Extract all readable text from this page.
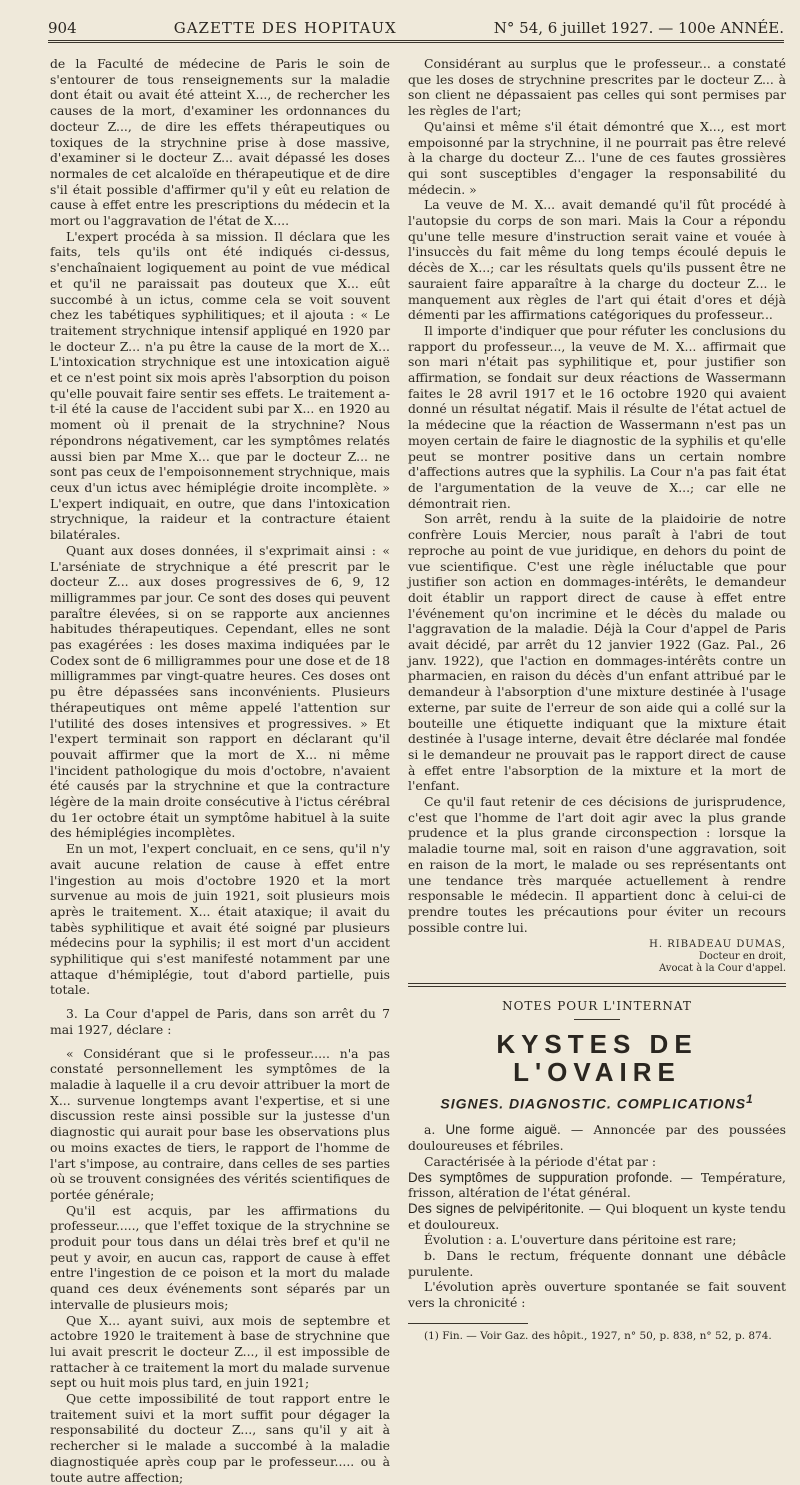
904	GAZETTE DES HOPITAUX	N° 54, 6 juillet 1927. — 100e ANNÉE.

de la Faculté de médecine de Paris le soin de s'entourer de tous renseignements sur la maladie dont était ou avait été atteint X..., de rechercher les causes de la mort, d'examiner les ordonnances du docteur Z..., de dire les effets thérapeutiques ou toxiques de la strychnine prise à dose massive, d'examiner si le docteur Z... avait dépassé les doses normales de cet alcaloïde en thérapeutique et de dire s'il était possible d'affirmer qu'il y eût eu relation de cause à effet entre les prescriptions du médecin et la mort ou l'aggravation de l'état de X....

L'expert procéda à sa mission. Il déclara que les faits, tels qu'ils ont été indiqués ci-dessus, s'enchaînaient logiquement au point de vue médical et qu'il ne paraissait pas douteux que X... eût succombé à un ictus, comme cela se voit souvent chez les tabétiques syphilitiques; et il ajouta : « Le traitement strychnique intensif appliqué en 1920 par le docteur Z... n'a pu être la cause de la mort de X... L'intoxication strychnique est une intoxication aiguë et ce n'est point six mois après l'absorption du poison qu'elle pouvait faire sentir ses effets. Le traitement a-t-il été la cause de l'accident subi par X... en 1920 au moment où il prenait de la strychnine? Nous répondrons négativement, car les symptômes relatés aussi bien par Mme X... que par le docteur Z... ne sont pas ceux de l'empoisonnement strychnique, mais ceux d'un ictus avec hémiplégie droite incomplète. » L'expert indiquait, en outre, que dans l'intoxication strychnique, la raideur et la contracture étaient bilatérales.

Quant aux doses données, il s'exprimait ainsi : « L'arséniate de strychnique a été prescrit par le docteur Z... aux doses progressives de 6, 9, 12 milligrammes par jour. Ce sont des doses qui peuvent paraître élevées, si on se rapporte aux anciennes habitudes thérapeutiques. Cependant, elles ne sont pas exagérées : les doses maxima indiquées par le Codex sont de 6 milligrammes pour une dose et de 18 milligrammes par vingt-quatre heures. Ces doses ont pu être dépassées sans inconvénients. Plusieurs thérapeutiques ont même appelé l'attention sur l'utilité des doses intensives et progressives. » Et l'expert terminait son rapport en déclarant qu'il pouvait affirmer que la mort de X... ni même l'incident pathologique du mois d'octobre, n'avaient été causés par la strychnine et que la contracture légère de la main droite consécutive à l'ictus cérébral du 1er octobre était un symptôme habituel à la suite des hémiplégies incomplètes.

En un mot, l'expert concluait, en ce sens, qu'il n'y avait aucune relation de cause à effet entre l'ingestion au mois d'octobre 1920 et la mort survenue au mois de juin 1921, soit plusieurs mois après le traitement. X... était ataxique; il avait du tabès syphilitique et avait été soigné par plusieurs médecins pour la syphilis; il est mort d'un accident syphilitique qui s'est manifesté notamment par une attaque d'hémiplégie, tout d'abord partielle, puis totale.

3. La Cour d'appel de Paris, dans son arrêt du 7 mai 1927, déclare :

« Considérant que si le professeur..... n'a pas constaté personnellement les symptômes de la maladie à laquelle il a cru devoir attribuer la mort de X... survenue longtemps avant l'expertise, et si une discussion reste ainsi possible sur la justesse d'un diagnostic qui aurait pour base les observations plus ou moins exactes de tiers, le rapport de l'homme de l'art s'impose, au contraire, dans celles de ses parties où se trouvent consignées des vérités scientifiques de portée générale;

Qu'il est acquis, par les affirmations du professeur....., que l'effet toxique de la strychnine se produit pour tous dans un délai très bref et qu'il ne peut y avoir, en aucun cas, rapport de cause à effet entre l'ingestion de ce poison et la mort du malade quand ces deux événements sont séparés par un intervalle de plusieurs mois;

Que X... ayant suivi, aux mois de septembre et actobre 1920 le traitement à base de strychnine que lui avait prescrit le docteur Z..., il est impossible de rattacher à ce traitement la mort du malade survenue sept ou huit mois plus tard, en juin 1921;

Que cette impossibilité de tout rapport entre le traitement suivi et la mort suffit pour dégager la responsabilité du docteur Z..., sans qu'il y ait à rechercher si le malade a succombé à la maladie diagnostiquée après coup par le professeur..... ou à toute autre affection;

Considérant au surplus que le professeur... a constaté que les doses de strychnine prescrites par le docteur Z... à son client ne dépassaient pas celles qui sont permises par les règles de l'art;

Qu'ainsi et même s'il était démontré que X..., est mort empoisonné par la strychnine, il ne pourrait pas être relevé à la charge du docteur Z... l'une de ces fautes grossières qui sont susceptibles d'engager la responsabilité du médecin. »

La veuve de M. X... avait demandé qu'il fût procédé à l'autopsie du corps de son mari. Mais la Cour a répondu qu'une telle mesure d'instruction serait vaine et vouée à l'insuccès du fait même du long temps écoulé depuis le décès de X...; car les résultats quels qu'ils pussent être ne sauraient faire apparaître à la charge du docteur Z... le manquement aux règles de l'art qui était d'ores et déjà démenti par les affirmations catégoriques du professeur...

Il importe d'indiquer que pour réfuter les conclusions du rapport du professeur..., la veuve de M. X... affirmait que son mari n'était pas syphilitique et, pour justifier son affirmation, se fondait sur deux réactions de Wassermann faites le 28 avril 1917 et le 16 octobre 1920 qui avaient donné un résultat négatif. Mais il résulte de l'état actuel de la médecine que la réaction de Wassermann n'est pas un moyen certain de faire le diagnostic de la syphilis et qu'elle peut se montrer positive dans un certain nombre d'affections autres que la syphilis. La Cour n'a pas fait état de l'argumentation de la veuve de X...; car elle ne démontrait rien.

Son arrêt, rendu à la suite de la plaidoirie de notre confrère Louis Mercier, nous paraît à l'abri de tout reproche au point de vue juridique, en dehors du point de vue scientifique. C'est une règle inéluctable que pour justifier son action en dommages-intérêts, le demandeur doit établir un rapport direct de cause à effet entre l'événement qu'on incrimine et le décès du malade ou l'aggravation de la maladie. Déjà la Cour d'appel de Paris avait décidé, par arrêt du 12 janvier 1922 (Gaz. Pal., 26 janv. 1922), que l'action en dommages-intérêts contre un pharmacien, en raison du décès d'un enfant attribué par le demandeur à l'absorption d'une mixture destinée à l'usage externe, par suite de l'erreur de son aide qui a collé sur la bouteille une étiquette indiquant que la mixture était destinée à l'usage interne, devait être déclarée mal fondée si le demandeur ne prouvait pas le rapport direct de cause à effet entre l'absorption de la mixture et la mort de l'enfant.

Ce qu'il faut retenir de ces décisions de jurisprudence, c'est que l'homme de l'art doit agir avec la plus grande prudence et la plus grande circonspection : lorsque la maladie tourne mal, soit en raison d'une aggravation, soit en raison de la mort, le malade ou ses représentants ont une tendance très marquée actuellement à rendre responsable le médecin. Il appartient donc à celui-ci de prendre toutes les précautions pour éviter un recours possible contre lui.

H. RIBADEAU DUMAS,
Docteur en droit,
Avocat à la Cour d'appel.
NOTES POUR L'INTERNAT
KYSTES DE L'OVAIRE
SIGNES. DIAGNOSTIC. COMPLICATIONS$^1$

a. Une forme aiguë. — Annoncée par des poussées douloureuses et fébriles.

Caractérisée à la période d'état par :

Des symptômes de suppuration profonde. — Température, frisson, altération de l'état général.

Des signes de pelvipéritonite. — Qui bloquent un kyste tendu et douloureux.

Évolution : a. L'ouverture dans péritoine est rare;

b. Dans le rectum, fréquente donnant une débâcle purulente.

L'évolution après ouverture spontanée se fait souvent vers la chronicité :

(1) Fin. — Voir Gaz. des hôpit., 1927, n° 50, p. 838, n° 52, p. 874.
